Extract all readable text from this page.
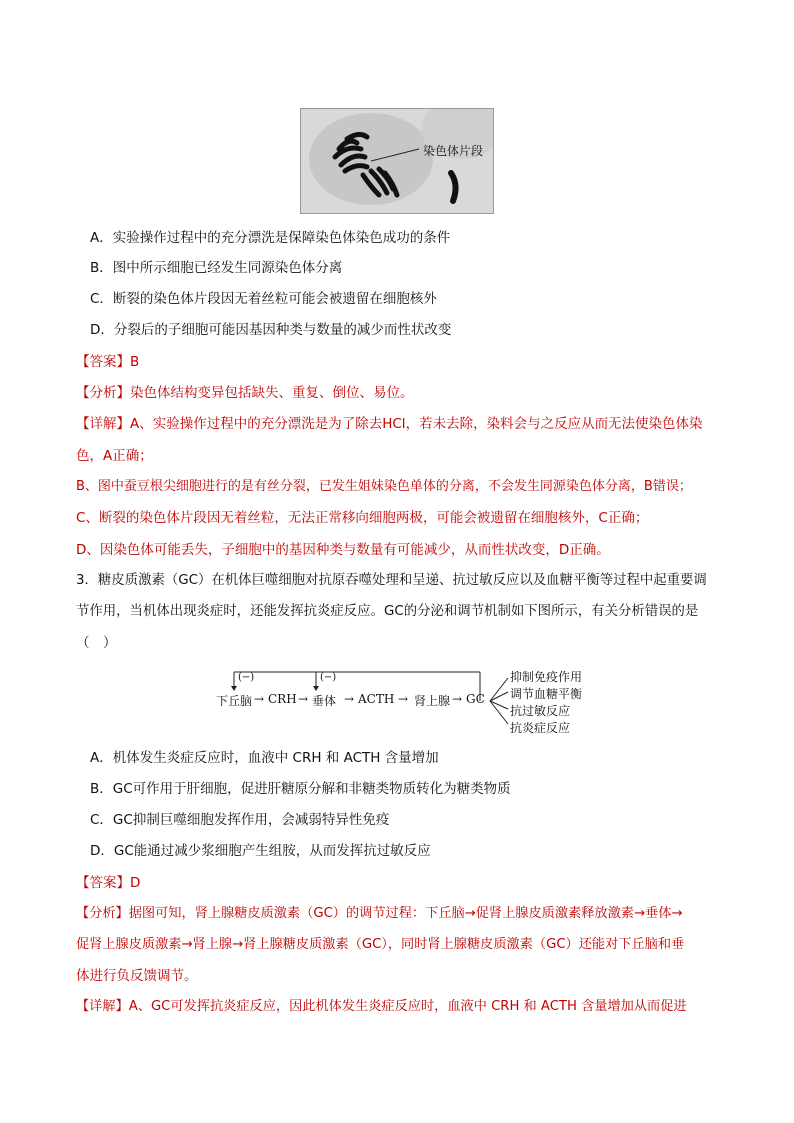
染色体片段
A．实验操作过程中的充分漂洗是保障染色体染色成功的条件
B．图中所示细胞已经发生同源染色体分离
C．断裂的染色体片段因无着丝粒可能会被遗留在细胞核外
D．分裂后的子细胞可能因基因种类与数量的减少而性状改变
【答案】B
【分析】染色体结构变异包括缺失、重复、倒位、易位。
【详解】A、实验操作过程中的充分漂洗是为了除去HCl，若未去除，染料会与之反应从而无法使染色体染
色，A正确；
B、图中蚕豆根尖细胞进行的是有丝分裂，已发生姐妹染色单体的分离，不会发生同源染色体分离，B错误；
C、断裂的染色体片段因无着丝粒，无法正常移向细胞两极，可能会被遗留在细胞核外，C正确；
D、因染色体可能丢失，子细胞中的基因种类与数量有可能减少，从而性状改变，D正确。
3．糖皮质激素（GC）在机体巨噬细胞对抗原吞噬处理和呈递、抗过敏反应以及血糖平衡等过程中起重要调
节作用，当机体出现炎症时，还能发挥抗炎症反应。GC的分泌和调节机制如下图所示，有关分析错误的是
（　）
(−)	(−)
下丘脑 → CRH → 垂体 → ACTH → 肾上腺 → GC
抑制免疫作用
调节血糖平衡
抗过敏反应
抗炎症反应
A．机体发生炎症反应时，血液中 CRH 和 ACTH 含量增加
B．GC可作用于肝细胞，促进肝糖原分解和非糖类物质转化为糖类物质
C．GC抑制巨噬细胞发挥作用，会减弱特异性免疫
D．GC能通过减少浆细胞产生组胺，从而发挥抗过敏反应
【答案】D
【分析】据图可知，肾上腺糖皮质激素（GC）的调节过程：下丘脑→促肾上腺皮质激素释放激素→垂体→
促肾上腺皮质激素→肾上腺→肾上腺糖皮质激素（GC），同时肾上腺糖皮质激素（GC）还能对下丘脑和垂
体进行负反馈调节。
【详解】A、GC可发挥抗炎症反应，因此机体发生炎症反应时，血液中 CRH 和 ACTH 含量增加从而促进
